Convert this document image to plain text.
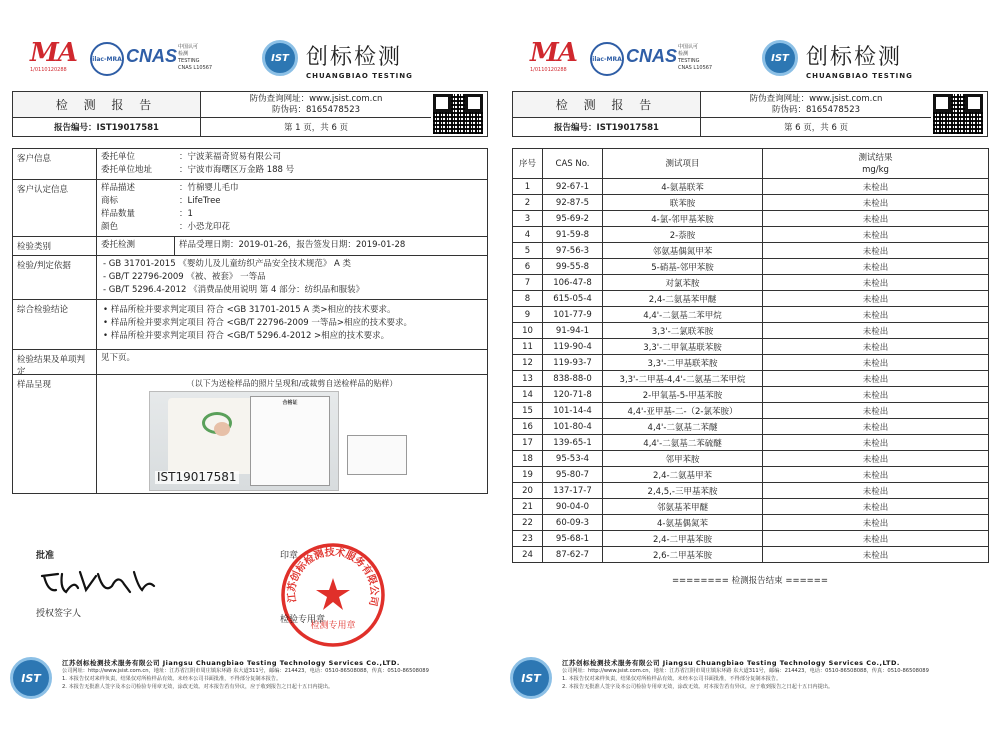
MA
1/0110120288
ilac-MRA CNAS 中国认可
检测
TESTING
CNAS L10567
IST 创标检测
CHUANGBIAO TESTING
检 测 报 告
报告编号：IST19017581
防伪查询网址：www.jsist.com.cn
防伪码：8165478523
第 1 页，共 6 页
客户信息	委托单位	：宁波莱福奇贸易有限公司
委托单位地址	：宁波市海曙区万金路 188 号
客户认定信息	样品描述	：竹棉婴儿毛巾
商标	：LifeTree
样品数量	：1
颜色	：小恐龙印花
检验类别	委托检测	样品受理日期：2019-01-26，报告签发日期：2019-01-28
检验/判定依据	- GB 31701-2015 《婴幼儿及儿童纺织产品安全技术规范》 A 类
- GB/T 22796-2009 《被、被套》 一等品
- GB/T 5296.4-2012 《消费品使用说明 第 4 部分：纺织品和服装》
综合检验结论	• 样品所检并要求判定项目 符合 <GB 31701-2015 A 类>相应的技术要求。
• 样品所检并要求判定项目 符合 <GB/T 22796-2009 一等品>相应的技术要求。
• 样品所检并要求判定项目 符合 <GB/T 5296.4-2012 >相应的技术要求。
检验结果及单项判定
见下页。
样品呈现	（以下为送检样品的照片呈现和/或裁剪自送检样品的贴样）
合格证
IST19017581
批准
授权签字人
印章
江苏创标检测技术服务有限公司
检测专用章
检验专用章
IST
江苏创标检测技术服务有限公司 Jiangsu Chuangbiao Testing Technology Services Co.,LTD.
公司网址：http://www.jsist.com.cn，地址：江苏省江阴市周庄镇东环路 东大道311号，邮编：214423，电话：0510-86508088，传真：0510-86508089
1. 本报告仅对来样负责，结果仅对所检样品有效。未经本公司书面批准，不得部分复制本报告。
2. 本报告无批准人签字及本公司检验专用章无效，涂改无效。对本报告若有异议，应于收到报告之日起十五日内提出。
MA
1/0110120288
ilac-MRA CNAS 中国认可
检测
TESTING
CNAS L10567
IST 创标检测
CHUANGBIAO TESTING
检 测 报 告
报告编号：IST19017581
防伪查询网址：www.jsist.com.cn
防伪码：8165478523
第 6 页，共 6 页
序号	CAS No.	测试项目	测试结果
mg/kg

1	92-67-1	4-氨基联苯	未检出
2	92-87-5	联苯胺	未检出
3	95-69-2	4-氯-邻甲基苯胺	未检出
4	91-59-8	2-萘胺	未检出
5	97-56-3	邻氨基偶氮甲苯	未检出
6	99-55-8	5-硝基-邻甲苯胺	未检出
7	106-47-8	对氯苯胺	未检出
8	615-05-4	2,4-二氨基苯甲醚	未检出
9	101-77-9	4,4'-二氨基二苯甲烷	未检出
10	91-94-1	3,3'-二氯联苯胺	未检出
11	119-90-4	3,3'-二甲氧基联苯胺	未检出
12	119-93-7	3,3'-二甲基联苯胺	未检出
13	838-88-0	3,3'-二甲基-4,4'-二氨基二苯甲烷	未检出
14	120-71-8	2-甲氧基-5-甲基苯胺	未检出
15	101-14-4	4,4'-亚甲基-二-（2-氯苯胺）	未检出
16	101-80-4	4,4'-二氨基二苯醚	未检出
17	139-65-1	4,4'-二氨基二苯硫醚	未检出
18	95-53-4	邻甲苯胺	未检出
19	95-80-7	2,4-二氨基甲苯	未检出
20	137-17-7	2,4,5,-三甲基苯胺	未检出
21	90-04-0	邻氨基苯甲醚	未检出
22	60-09-3	4-氨基偶氮苯	未检出
23	95-68-1	2,4-二甲基苯胺	未检出
24	87-62-7	2,6-二甲基苯胺	未检出
======== 检测报告结束 ======
IST
江苏创标检测技术服务有限公司 Jiangsu Chuangbiao Testing Technology Services Co.,LTD.
公司网址：http://www.jsist.com.cn，地址：江苏省江阴市周庄镇东环路 东大道311号，邮编：214423，电话：0510-86508088，传真：0510-86508089
1. 本报告仅对来样负责，结果仅对所检样品有效。未经本公司书面批准，不得部分复制本报告。
2. 本报告无批准人签字及本公司检验专用章无效，涂改无效。对本报告若有异议，应于收到报告之日起十五日内提出。
